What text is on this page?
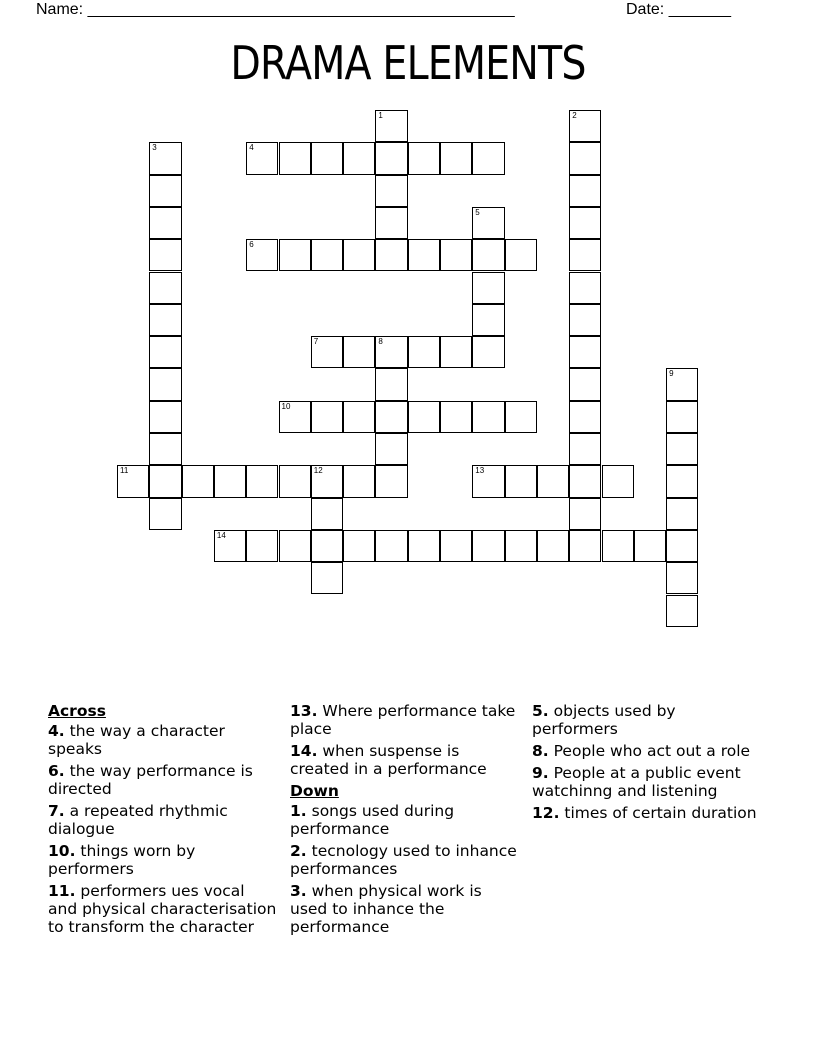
Name: ________________________________________________	Date: _______
DRAMA ELEMENTS
1	2
3	4
5
6
7	8
9
10
11	12	13
14
Across
4. the way a character speaks
6. the way performance is directed
7. a repeated rhythmic dialogue
10. things worn by performers
11. performers ues vocal and physical characterisation to transform the character
13. Where performance take place
14. when suspense is created in a performance
Down
1. songs used during performance
2. tecnology used to inhance performances
3. when physical work is used to inhance the performance
5. objects used by performers
8. People who act out a role
9. People at a public event watchinng and listening
12. times of certain duration
